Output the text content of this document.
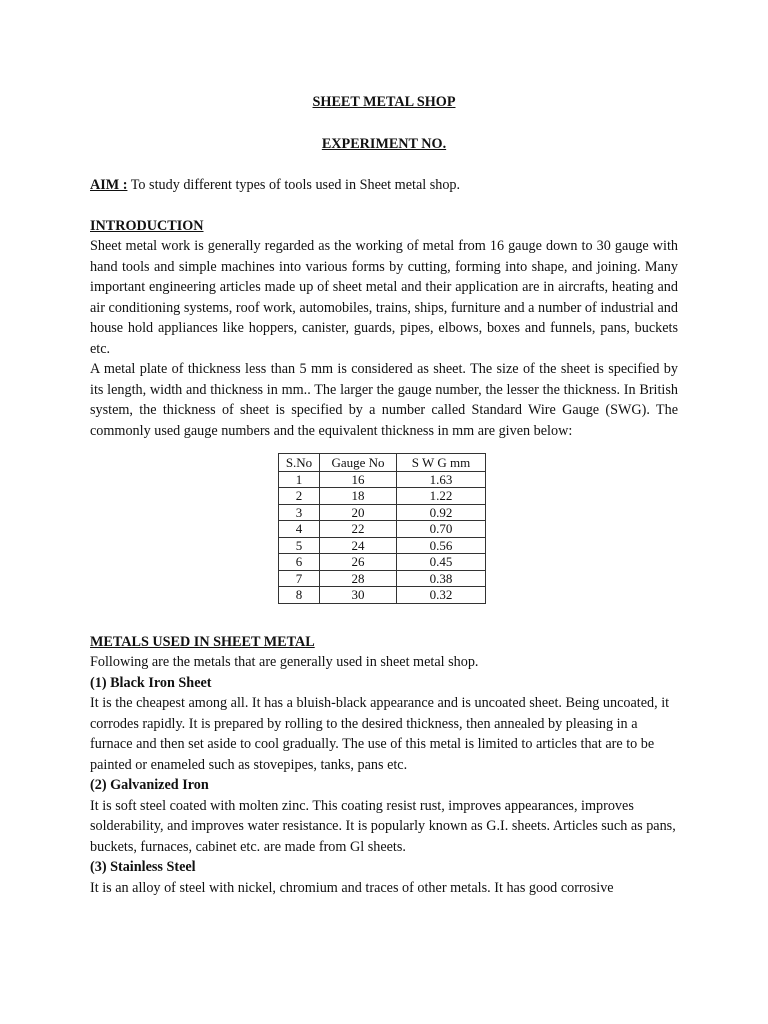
SHEET METAL SHOP
EXPERIMENT NO.

AIM : To study different types of tools used in Sheet metal shop.

INTRODUCTION

Sheet metal work is generally regarded as the working of metal from 16 gauge down to 30 gauge with hand tools and simple machines into various forms by cutting, forming into shape, and joining. Many important engineering articles made up of sheet metal and their application are in aircrafts, heating and air conditioning systems, roof work, automobiles, trains, ships, furniture and a number of industrial and house hold appliances like hoppers, canister, guards, pipes, elbows, boxes and funnels, pans, buckets etc.

A metal plate of thickness less than 5 mm is considered as sheet. The size of the sheet is specified by its length, width and thickness in mm.. The larger the gauge number, the lesser the thickness. In British system, the thickness of sheet is specified by a number called Standard Wire Gauge (SWG). The commonly used gauge numbers and the equivalent thickness in mm are given below:

S.No	Gauge No	S W G mm
1	16	1.63
2	18	1.22
3	20	0.92
4	22	0.70
5	24	0.56
6	26	0.45
7	28	0.38
8	30	0.32

METALS USED IN SHEET METAL

Following are the metals that are generally used in sheet metal shop.

(1) Black Iron Sheet

It is the cheapest among all. It has a bluish-black appearance and is uncoated sheet. Being uncoated, it corrodes rapidly. It is prepared by rolling to the desired thickness, then annealed by pleasing in a furnace and then set aside to cool gradually. The use of this metal is limited to articles that are to be painted or enameled such as stovepipes, tanks, pans etc.

(2) Galvanized Iron

It is soft steel coated with molten zinc. This coating resist rust, improves appearances, improves solderability, and improves water resistance. It is popularly known as G.I. sheets. Articles such as pans, buckets, furnaces, cabinet etc. are made from Gl sheets.

(3) Stainless Steel

It is an alloy of steel with nickel, chromium and traces of other metals. It has good corrosive
